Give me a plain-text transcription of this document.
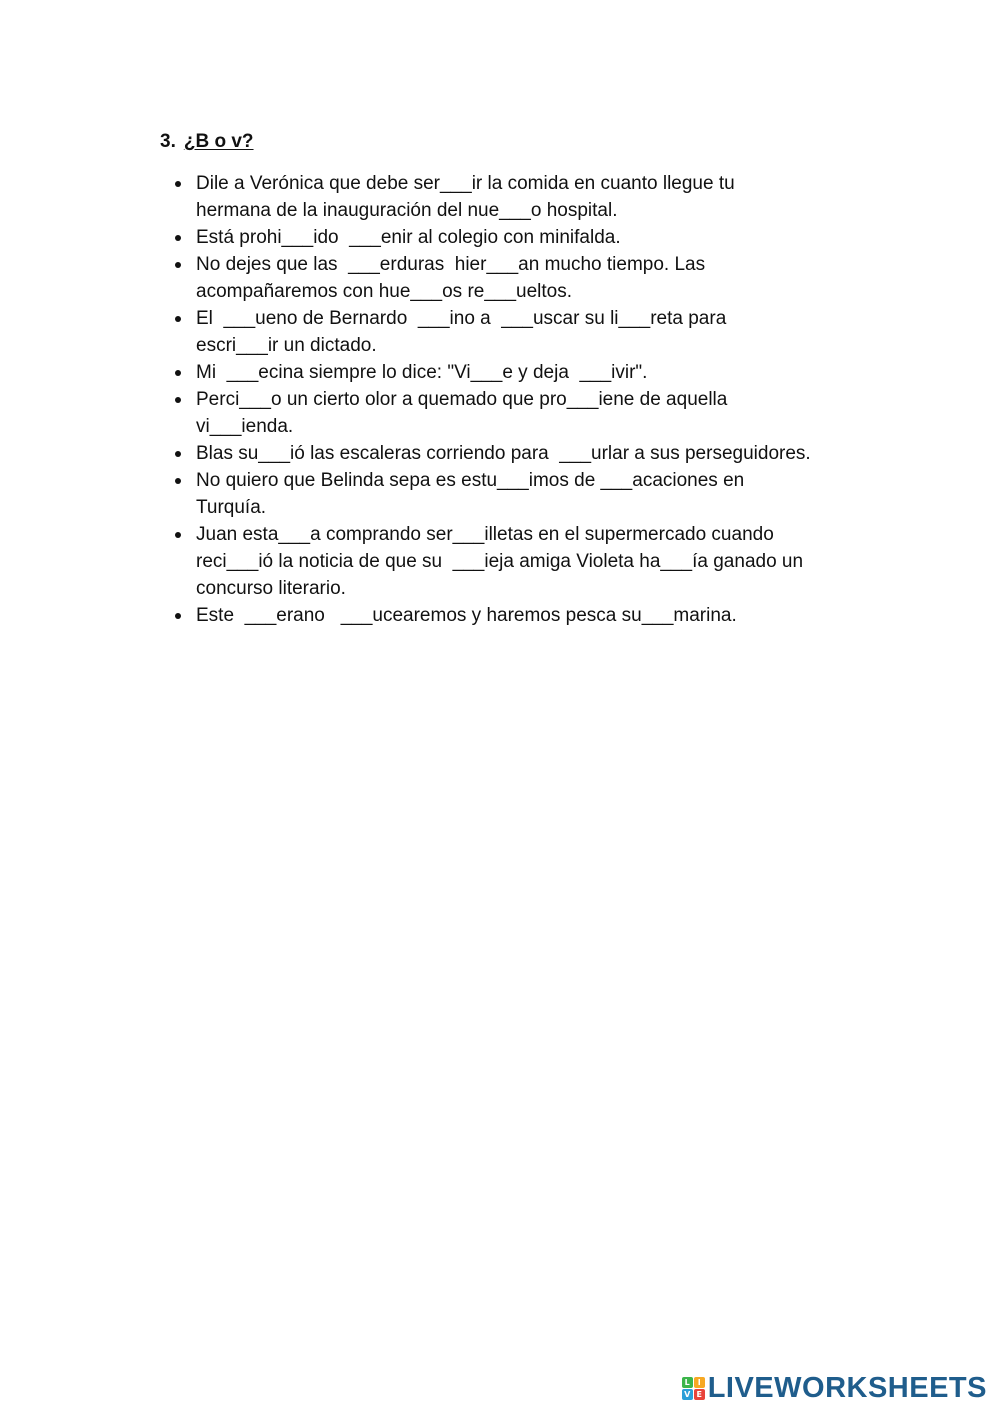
3. ¿B o v?
Dile a Verónica que debe ser___ir la comida en cuanto llegue tu
hermana de la inauguración del nue___o hospital.
Está prohi___ido  ___enir al colegio con minifalda.
No dejes que las  ___erduras  hier___an mucho tiempo. Las
acompañaremos con hue___os re___ueltos.
El  ___ueno de Bernardo  ___ino a  ___uscar su li___reta para
escri___ir un dictado.
Mi  ___ecina siempre lo dice: "Vi___e y deja  ___ivir".
Perci___o un cierto olor a quemado que pro___iene de aquella
vi___ienda.
Blas su___ió las escaleras corriendo para  ___urlar a sus perseguidores.
No quiero que Belinda sepa es estu___imos de ___acaciones en
Turquía.
Juan esta___a comprando ser___illetas en el supermercado cuando
reci___ió la noticia de que su  ___ieja amiga Violeta ha___ía ganado un
concurso literario.
Este  ___erano   ___ucearemos y haremos pesca su___marina.
L I
V E LIVEWORKSHEETS
